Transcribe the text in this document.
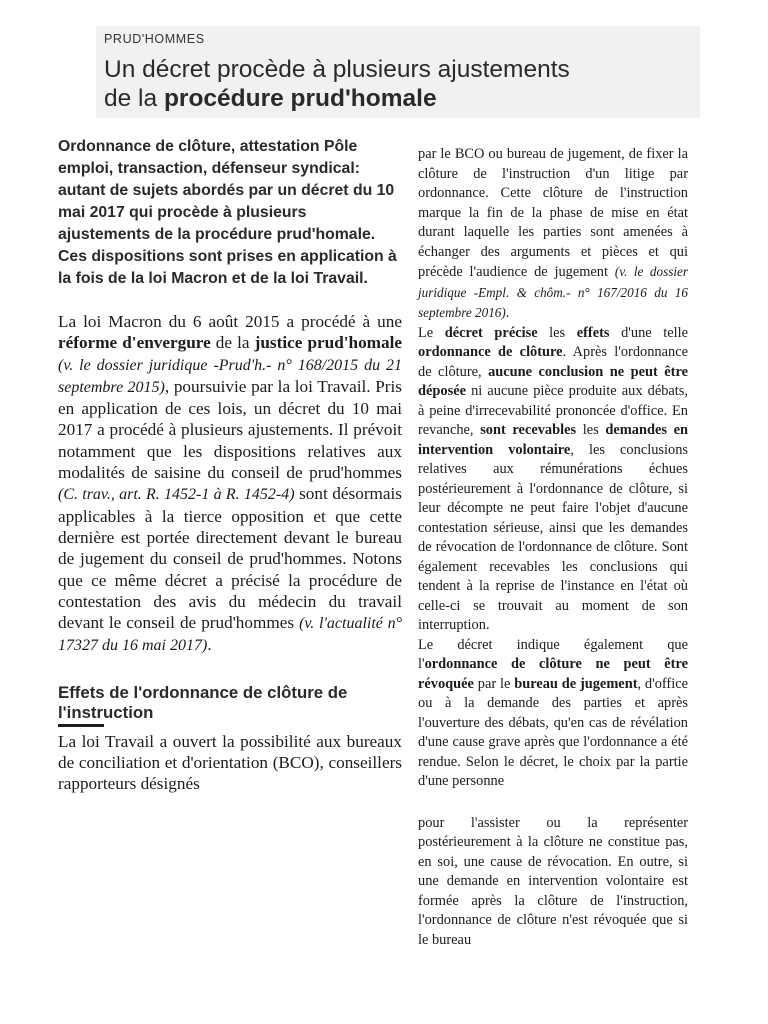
PRUD'HOMMES
Un décret procède à plusieurs ajustements
de la procédure prud'homale

Ordonnance de clôture, attestation Pôle emploi, transaction, défenseur syndical: autant de sujets abordés par un décret du 10 mai 2017 qui procède à plusieurs ajustements de la procédure prud'homale. Ces dispositions sont prises en application à la fois de la loi Macron et de la loi Travail.

La loi Macron du 6 août 2015 a procédé à une réforme d'envergure de la justice prud'homale (v. le dossier juridique -Prud'h.- n° 168/2015 du 21 septembre 2015), poursuivie par la loi Travail. Pris en application de ces lois, un décret du 10 mai 2017 a procédé à plusieurs ajustements. Il prévoit notamment que les dispositions relatives aux modalités de saisine du conseil de prud'hommes (C. trav., art. R. 1452-1 à R. 1452-4) sont désormais applicables à la tierce opposition et que cette dernière est portée directement devant le bureau de jugement du conseil de prud'hommes. Notons que ce même décret a précisé la procédure de contestation des avis du médecin du travail devant le conseil de prud'hommes (v. l'actualité n° 17327 du 16 mai 2017).

Effets de l'ordonnance de clôture de l'instruction

La loi Travail a ouvert la possibilité aux bureaux de conciliation et d'orientation (BCO), conseillers rapporteurs désignés

par le BCO ou bureau de jugement, de fixer la clôture de l'instruction d'un litige par ordonnance. Cette clôture de l'instruction marque la fin de la phase de mise en état durant laquelle les parties sont amenées à échanger des arguments et pièces et qui précède l'audience de jugement (v. le dossier juridique -Empl. & chôm.- n° 167/2016 du 16 septembre 2016).

Le décret précise les effets d'une telle ordonnance de clôture. Après l'ordonnance de clôture, aucune conclusion ne peut être déposée ni aucune pièce produite aux débats, à peine d'irrecevabilité prononcée d'office. En revanche, sont recevables les demandes en intervention volontaire, les conclusions relatives aux rémunérations échues postérieurement à l'ordonnance de clôture, si leur décompte ne peut faire l'objet d'aucune contestation sérieuse, ainsi que les demandes de révocation de l'ordonnance de clôture. Sont également recevables les conclusions qui tendent à la reprise de l'instance en l'état où celle-ci se trouvait au moment de son interruption.

Le décret indique également que l'ordonnance de clôture ne peut être révoquée par le bureau de jugement, d'office ou à la demande des parties et après l'ouverture des débats, qu'en cas de révélation d'une cause grave après que l'ordonnance a été rendue. Selon le décret, le choix par la partie d'une personne

pour l'assister ou la représenter postérieurement à la clôture ne constitue pas, en soi, une cause de révocation. En outre, si une demande en intervention volontaire est formée après la clôture de l'instruction, l'ordonnance de clôture n'est révoquée que si le bureau
